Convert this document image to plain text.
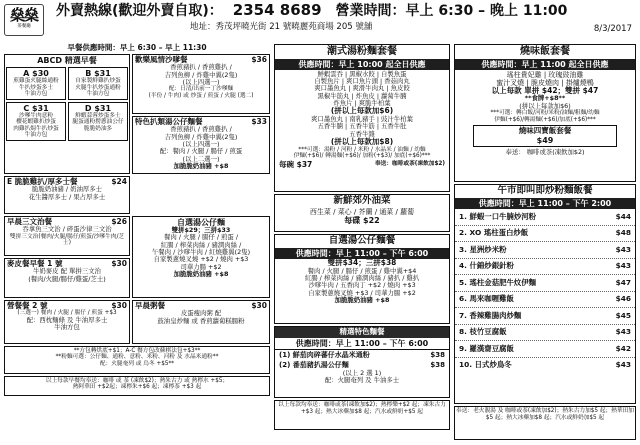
燊燊
茶餐廳
外賣熱線(歡迎外賣自取)： 2354 8689 營業時間：早上 6:30 – 晚上 11:00
地址：秀茂坪曉光街 21 號曉麗苑商場 205 號舖	8/3/2017
早餐供應時間：早上 6:30 – 早上 11:30
ABCD 精選早餐
A $30
煎雞蛋火腿絲通粉
牛扒炒蛋多士
牛油方包
B $31
自家製鮮雞扒炒蛋
火腿牛扒炒蛋通粉
牛油方包
C $31
沙嗲牛肉意粉
櫻花蝦雞扒炒蛋
肉雞扒焗牛扒炒蛋
牛油方包
D $31
鮮蝦蒜蓉炒蛋多士
腿蛋通粉撈蔥油公仔
脆脆奶油多
歡樂風情沙嗲餐	$36
香煎豬扒 / 香煎雞扒 /
吉列魚柳 / 炸雞中翼(2隻)
(以上四選一)
配：日清/出前一丁沙嗲麵
(半份 / 牛肉) 或 炒蛋 / 煎蛋 / 火腿 (選二)
特色扒類湯公仔麵餐	$33
香煎豬扒 / 香煎雞扒 /
吉列魚柳 / 炸雞中翼(2隻)
(以上四選一)
配：餐肉 / 火腿 / 腸仔 / 煎蛋
(以上二選一)
加脆脆奶油豬 +$8
E 脆脆雞扒/厚多士餐	$24
脆脆奶油豬 / 奶油厚多士
花生醬厚多士 / 果占厚多士
早晨三文治餐	$26
吞拿魚三文治 / 碎蛋沙律三文治
雙拼三文治(餐肉/火腿/腸仔/煎蛋/沙嗲牛肉/芝士)
麥皮餐早餐 1 號	$30
牛奶麥皮 配 單拼三文治
(餐肉/火腿/腸仔/雞蛋/芝士)
自選湯公仔麵
雙拼$29；三拼$33
餐肉 / 火腿 / 腸仔 / 煎蛋 /
紅腸 / 榨菜肉絲 / 豬潤肉絲 /
午餐肉 / 沙嗲牛肉 / 紅燒雞翼(2隻)
自家製蔥燒叉燒 +$2 / 燒肉 +$3
司華力腸 +$2
加脆脆奶油豬 +$8
營餐餐 2 號	$30
(三選一) 餐肉 / 火腿 / 腸仔 / 煎蛋 +$3
配：西枕麵條 及 牛油厚多士
牛油方包
早晨粥餐	$30
皮蛋瘦肉粥 配
鼓油皇炒麵 或 香煎蘿蔔糕腸粉
**方包轉烘底+$1；A-C 餐方包改蘇棋法包+$3**
**粉麵可選：公仔麵、通粉、意粉、米粉、河粉 及 水晶米通粉**
配：火腿奄列 或 烏冬 +$5**
以上每款早餐均奉送：咖啡 或 茶 (凍飲$2)；熱朱古力 或 熱檸水 +$5；
熱阿華田 +$2起；凍檸朱+$6 起；凍檸茶 +$3 起
潮式湯粉麵套餐
供應時間：早上 10:00 起全日供應
鮮蝦雲吞 | 黑椒水餃 | 自製魚蛋
自製魚片 | 爽口魚片頭 | 香菇肉丸
爽口墨魚丸 | 爽滑牛肉丸 | 魚皮餃
黑椒牛筋丸 | 炸魚皮 | 蘿蔔牛腩
炸魚片 | 爽脆牛柏葉
(拼以上每款加$6)
爽口墨魚丸 | 南乳豬手 | 豉汁牛柏葉
五香牛腩 | 五香牛筋 | 五香牛肚
五香牛雜
(拼以上每款加$8)
***可選：湯粉 / 河粉 / 米粉 / 水晶米 / 油麵 / 幼麵
伊麵(+$6)/ 轉湯麵(+$6)/ 加粉(+$3)/ 加底(+$6)***
每碗 $37	奉送：咖啡或茶(凍飲加$2)
新鮮郊外油菜
西生菜 / 菜心 / 芥蘭 / 通菜 / 蘿蔔
每碟 $22
自選湯公仔麵餐
供應時間：早上 11:00 – 下午 6:00
雙拼$34；三拼$38
餐肉 / 火腿 / 腸仔 / 煎蛋 / 雞中翼+$4
紅腸 / 榨菜肉絲 / 豬潤肉絲 / 豬扒 / 雞扒
沙嗲牛肉 / 五香肉丁 +$2 / 燒肉 +$3
自家製蔥燒叉燒 +$3 / 司華力腸 +$2
加脆脆奶油豬 +$8
精選特色麵餐
供應時間：早上 11:00 – 下午 6:00
(1) 鮮茄肉碎蕃仔水晶米通粉	$38
(2) 番茄豬扒湯公仔麵	$38
(以上 2 選 1)
配：火腿奄列 及 牛油多士
以上每款均奉送：咖啡或茶(凍飲加$2)；熱檸樂+$2 起；凍朱古力 +$3 起；熱大冰藥加$8 起；汽水或鮮奶+$5 起
燒味飯套餐
供應時間：早上 11:00 起全日供應
瑤柱貴妃雞 | 玫瑰豉油雞
蜜汁叉燒 | 脆皮燒肉 | 掛爐燒鴨
以上每款 單拼 $42；雙拼 $47
**食牌+$8**
(拼以上每款加$6)
***可選：轉白飯/河粉/米粉/油麵/粗麵/幼麵
伊麵(+$6)/轉湯麵(+$6)/加底(+$6)***
燒味四寶飯套餐
$49
奉送： 咖啡或茶(凍飲加$2)
午市即叫即炒粉麵飯餐
供應時間：早上 11:00 – 下午 2:00
1. 鮮蝦一口牛腩炒河粉	$44
2. XO 瑤柱蛋白炒飯	$48
3. 星洲炒米粉	$43
4. 什錦炒銀針粉	$43
5. 瑤柱金菇肥牛炆伊麵	$47
6. 馬來咖喱雞飯	$46
7. 香辣雞腸肉炒麵	$45
8. 枝竹豆腐飯	$43
9. 羅漢齋豆腐飯	$42
10. 日式炒鳥冬	$43
奉送：老火靚湯 及 咖啡或茶(凍飲加$2)；熱朱古力加$5 起；熱華田加$5 起；熱大冰藥加$8 起；汽水或鮮奶加$5 起
